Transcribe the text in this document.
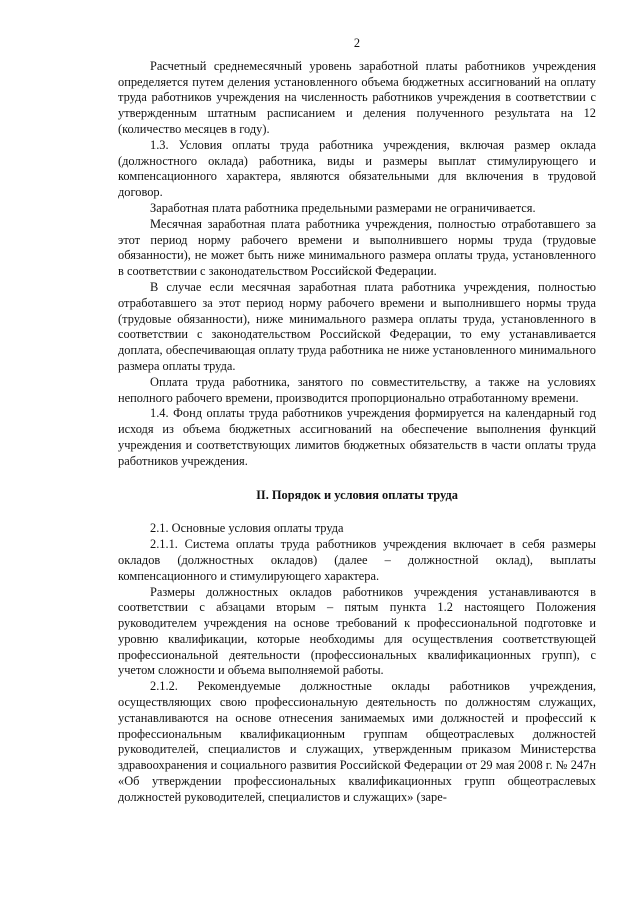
2

Расчетный среднемесячный уровень заработной платы работников учреждения определяется путем деления установленного объема бюджетных ассигнований на оплату труда работников учреждения на численность работников учреждения в соответствии с утвержденным штатным расписанием и деления полученного результата на 12 (количество месяцев в году).

1.3. Условия оплаты труда работника учреждения, включая размер оклада (должностного оклада) работника, виды и размеры выплат стимулирующего и компенсационного характера, являются обязательными для включения в трудовой договор.

Заработная плата работника предельными размерами не ограничивается.

Месячная заработная плата работника учреждения, полностью отработавшего за этот период норму рабочего времени и выполнившего нормы труда (трудовые обязанности), не может быть ниже минимального размера оплаты труда, установленного в соответствии с законодательством Российской Федерации.

В случае если месячная заработная плата работника учреждения, полностью отработавшего за этот период норму рабочего времени и выполнившего нормы труда (трудовые обязанности), ниже минимального размера оплаты труда, установленного в соответствии с законодательством Российской Федерации, то ему устанавливается доплата, обеспечивающая оплату труда работника не ниже установленного минимального размера оплаты труда.

Оплата труда работника, занятого по совместительству, а также на условиях неполного рабочего времени, производится пропорционально отработанному времени.

1.4. Фонд оплаты труда работников учреждения формируется на календарный год исходя из объема бюджетных ассигнований на обеспечение выполнения функций учреждения и соответствующих лимитов бюджетных обязательств в части оплаты труда работников учреждения.

II. Порядок и условия оплаты труда

2.1. Основные условия оплаты труда

2.1.1. Система оплаты труда работников учреждения включает в себя размеры окладов (должностных окладов) (далее – должностной оклад), выплаты компенсационного и стимулирующего характера.

Размеры должностных окладов работников учреждения устанавливаются в соответствии с абзацами вторым – пятым пункта 1.2 настоящего Положения руководителем учреждения на основе требований к профессиональной подготовке и уровню квалификации, которые необходимы для осуществления соответствующей профессиональной деятельности (профессиональных квалификационных групп), с учетом сложности и объема выполняемой работы.

2.1.2. Рекомендуемые должностные оклады работников учреждения, осуществляющих свою профессиональную деятельность по должностям служащих, устанавливаются на основе отнесения занимаемых ими должностей и профессий к профессиональным квалификационным группам общеотраслевых должностей руководителей, специалистов и служащих, утвержденным приказом Министерства здравоохранения и социального развития Российской Федерации от 29 мая 2008 г. № 247н «Об утверждении профессиональных квалификационных групп общеотраслевых должностей руководителей, специалистов и служащих» (заре-
